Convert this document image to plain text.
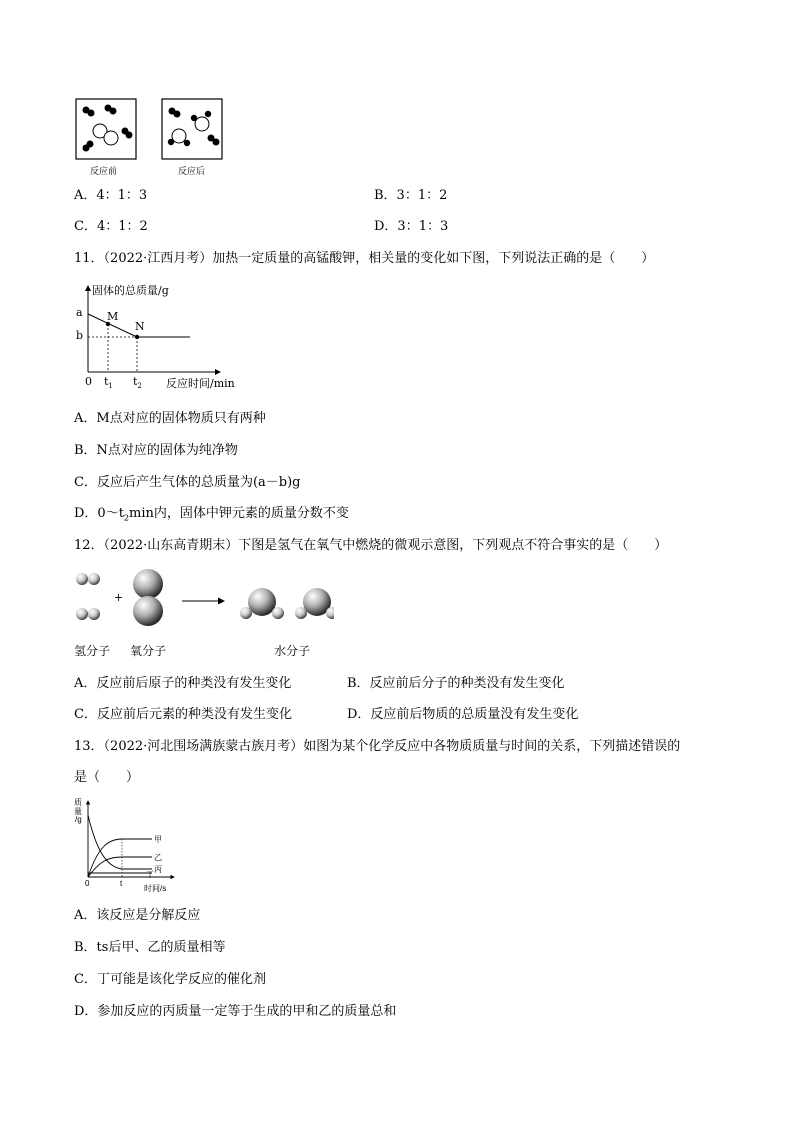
反应前	反应后
A．4：1：3	B．3：1：2
C．4：1：2	D．3：1：3
11．（2022·江西月考）加热一定质量的高锰酸钾，相关量的变化如下图，下列说法正确的是（　　）
固体的总质量/g
反应时间/min
a
b
0 $t_1$ $t_2$
M
N
A．M点对应的固体物质只有两种
B．N点对应的固体为纯净物
C．反应后产生气体的总质量为(a－b)g
D．$0\sim t_2\min$内，固体中钾元素的质量分数不变
12．（2022·山东高青期末）下图是氢气在氧气中燃烧的微观示意图，下列观点不符合事实的是（　　）
+
氢分子 氧分子	水分子
A．反应前后原子的种类没有发生变化	B．反应前后分子的种类没有发生变化
C．反应前后元素的种类没有发生变化	D．反应前后物质的总质量没有发生变化
13．（2022·河北围场满族蒙古族月考）如图为某个化学反应中各物质质量与时间的关系，下列描述错误的
是（　　）
质
量
/g
0	t
时间/s
甲
乙
丙
丁
A．该反应是分解反应
B．ts后甲、乙的质量相等
C．丁可能是该化学反应的催化剂
D．参加反应的丙质量一定等于生成的甲和乙的质量总和
